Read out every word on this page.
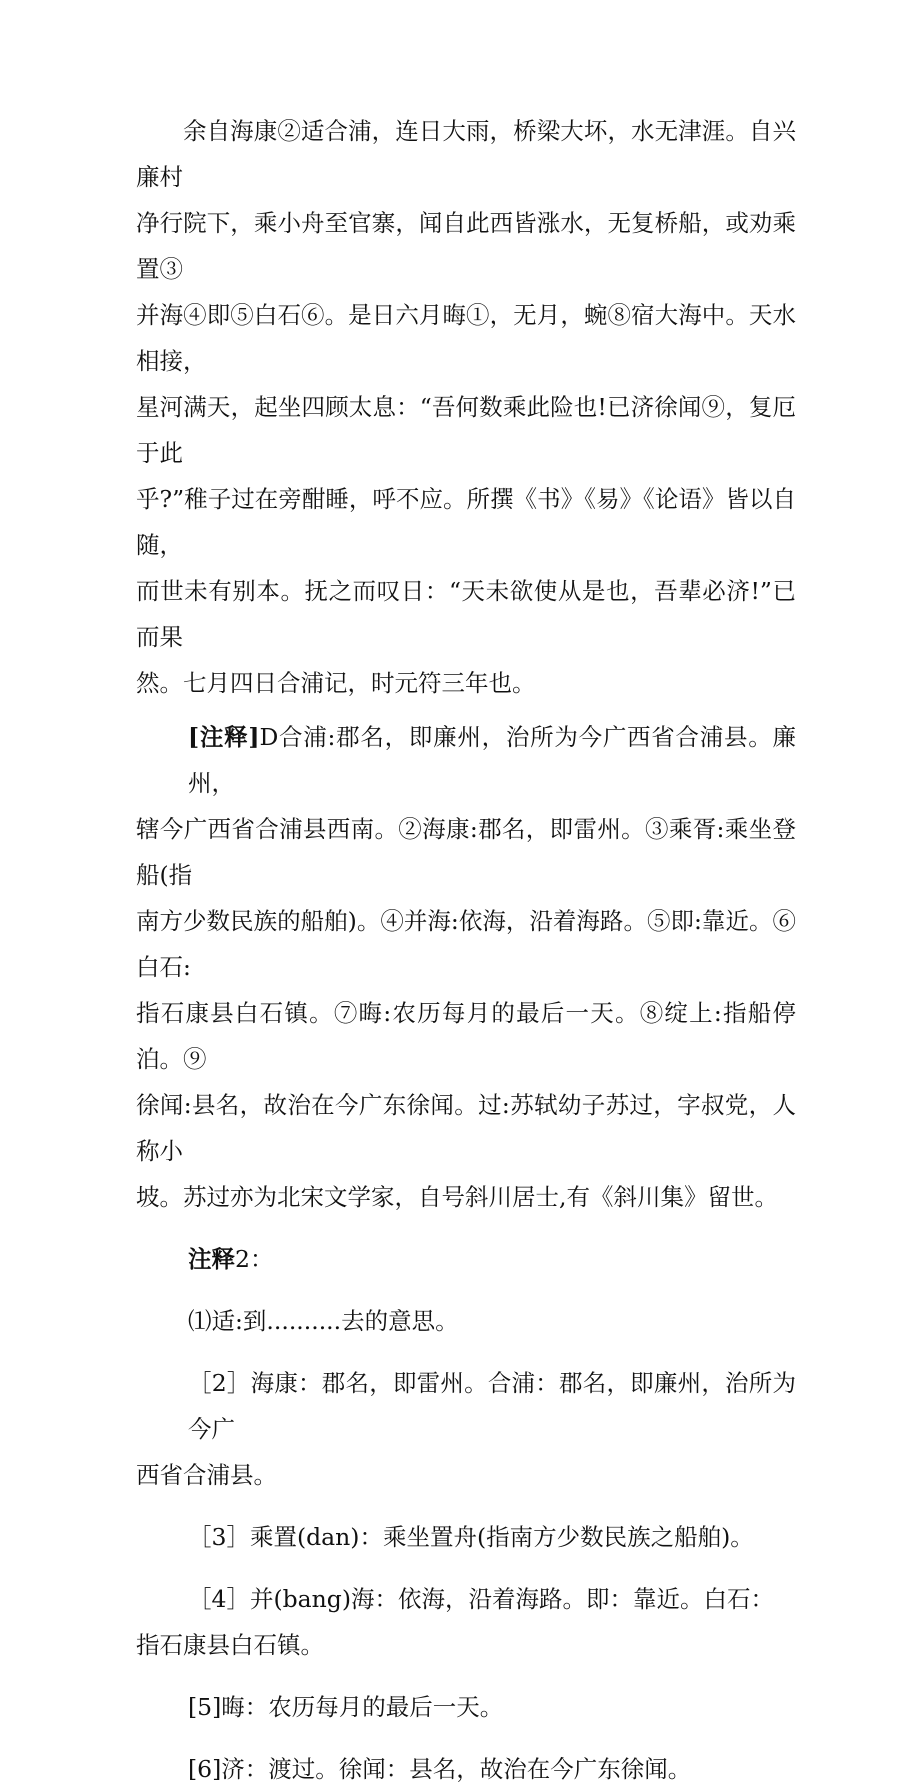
余自海康②适合浦，连日大雨，桥梁大坏，水无津涯。自兴廉村
净行院下，乘小舟至官寨，闻自此西皆涨水，无复桥船，或劝乘置③
并海④即⑤白石⑥。是日六月晦①，无月，蜿⑧宿大海中。天水相接，
星河满天，起坐四顾太息：“吾何数乘此险也!已济徐闻⑨，复厄于此
乎?”稚子过在旁酣睡，呼不应。所撰《书》《易》《论语》皆以自随，
而世未有别本。抚之而叹日：“天未欲使从是也，吾辈必济!”已而果
然。七月四日合浦记，时元符三年也。

[注释]D合浦:郡名，即廉州，治所为今广西省合浦县。廉州，
辖今广西省合浦县西南。②海康:郡名，即雷州。③乘胥:乘坐登船(指
南方少数民族的船舶)。④并海:依海，沿着海路。⑤即:靠近。⑥白石:
指石康县白石镇。⑦晦:农历每月的最后一天。⑧绽上:指船停泊。⑨
徐闻:县名，故治在今广东徐闻。过:苏轼幼子苏过，字叔党，人称小
坡。苏过亦为北宋文学家，自号斜川居士,有《斜川集》留世。

注释2：

⑴适:到..........去的意思。

［2］海康：郡名，即雷州。合浦：郡名，即廉州，治所为今广
西省合浦县。

［3］乘置(dan)：乘坐置舟(指南方少数民族之船舶)。

［4］并(bang)海：依海，沿着海路。即：靠近。白石：
指石康县白石镇。

[5]晦：农历每月的最后一天。

[6]济：渡过。徐闻：县名，故治在今广东徐闻。
